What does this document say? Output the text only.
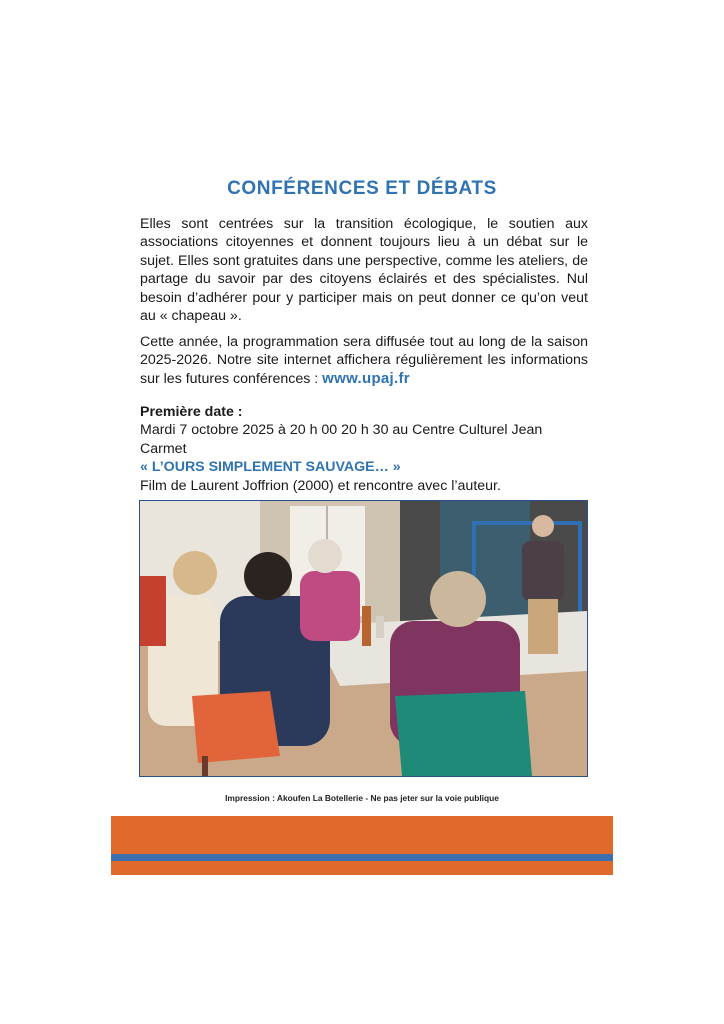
CONFÉRENCES ET DÉBATS

Elles sont centrées sur la transition écologique, le soutien aux associations citoyennes et donnent toujours lieu à un débat sur le sujet. Elles sont gratuites dans une perspective, comme les ateliers, de partage du savoir par des citoyens éclairés et des spécialistes. Nul besoin d’adhérer pour y participer mais on peut donner ce qu’on veut au « chapeau ».

Cette année, la programmation sera diffusée tout au long de la saison 2025-2026. Notre site internet affichera régulièrement les informations sur les futures conférences : www.upaj.fr

Première date :
Mardi 7 octobre 2025 à 20 h 00 20 h 30 au Centre Culturel Jean Carmet
« L’OURS SIMPLEMENT SAUVAGE… »
Film de Laurent Joffrion (2000) et rencontre avec l’auteur.
Impression : Akoufen La Botellerie - Ne pas jeter sur la voie publique
